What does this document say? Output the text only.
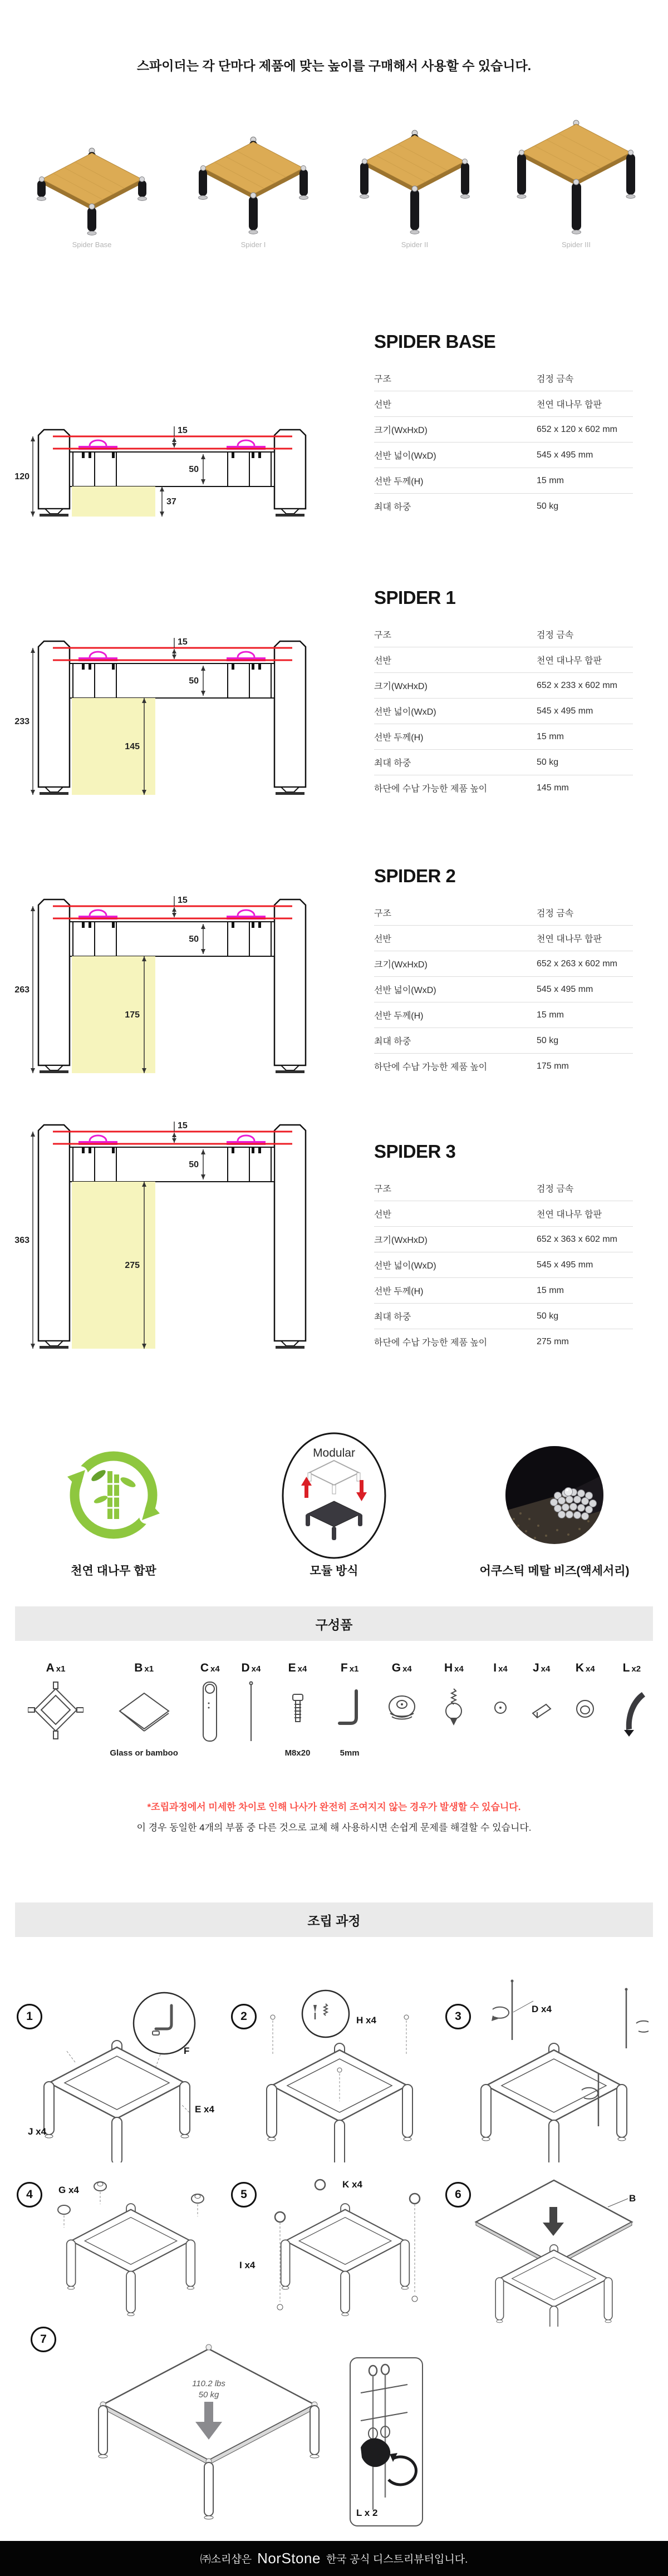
스파이더는 각 단마다 제품에 맞는 높이를 구매해서 사용할 수 있습니다.
Spider Base	Spider I	Spider II	Spider III
120
15
50
37
SPIDER BASE
구조	검정 금속
선반	천연 대나무 합판
크기(WxHxD)	652 x 120 x 602 mm
선반 넓이(WxD)	545 x 495 mm
선반 두께(H)	15 mm
최대 하중	50 kg
233
15
50
145
SPIDER 1
구조	검정 금속
선반	천연 대나무 합판
크기(WxHxD)	652 x 233 x 602 mm
선반 넓이(WxD)	545 x 495 mm
선반 두께(H)	15 mm
최대 하중	50 kg
하단에 수납 가능한 제품 높이	145 mm
263
15
50
175
SPIDER 2
구조	검정 금속
선반	천연 대나무 합판
크기(WxHxD)	652 x 263 x 602 mm
선반 넓이(WxD)	545 x 495 mm
선반 두께(H)	15 mm
최대 하중	50 kg
하단에 수납 가능한 제품 높이	175 mm
363
15
50
275
SPIDER 3
구조	검정 금속
선반	천연 대나무 합판
크기(WxHxD)	652 x 363 x 602 mm
선반 넓이(WxD)	545 x 495 mm
선반 두께(H)	15 mm
최대 하중	50 kg
하단에 수납 가능한 제품 높이	275 mm
천연 대나무 합판
Modular
모듈 방식	어쿠스틱 메탈 비즈(액세서리)
구성품
A x1	B x1
Glass or bamboo
C x4 D x4 E x4
M8x20
F x1
5mm
G x4	H x4	I x4 J x4 K x4 L x2
*조립과정에서 미세한 차이로 인해 나사가 완전히 조여지지 않는 경우가 발생할 수 있습니다.
이 경우 동일한 4개의 부품 중 다른 것으로 교체 해 사용하시면 손쉽게 문제를 해결할 수 있습니다.
조립 과정
1
F
E x4
J x4
2	H x4	3
D x4
4	G x4	5
K x4
I x4
6	B
7
110.2 lbs
50 kg
L x 2
㈜소리샵은 NorStone 한국 공식 디스트리뷰터입니다.
